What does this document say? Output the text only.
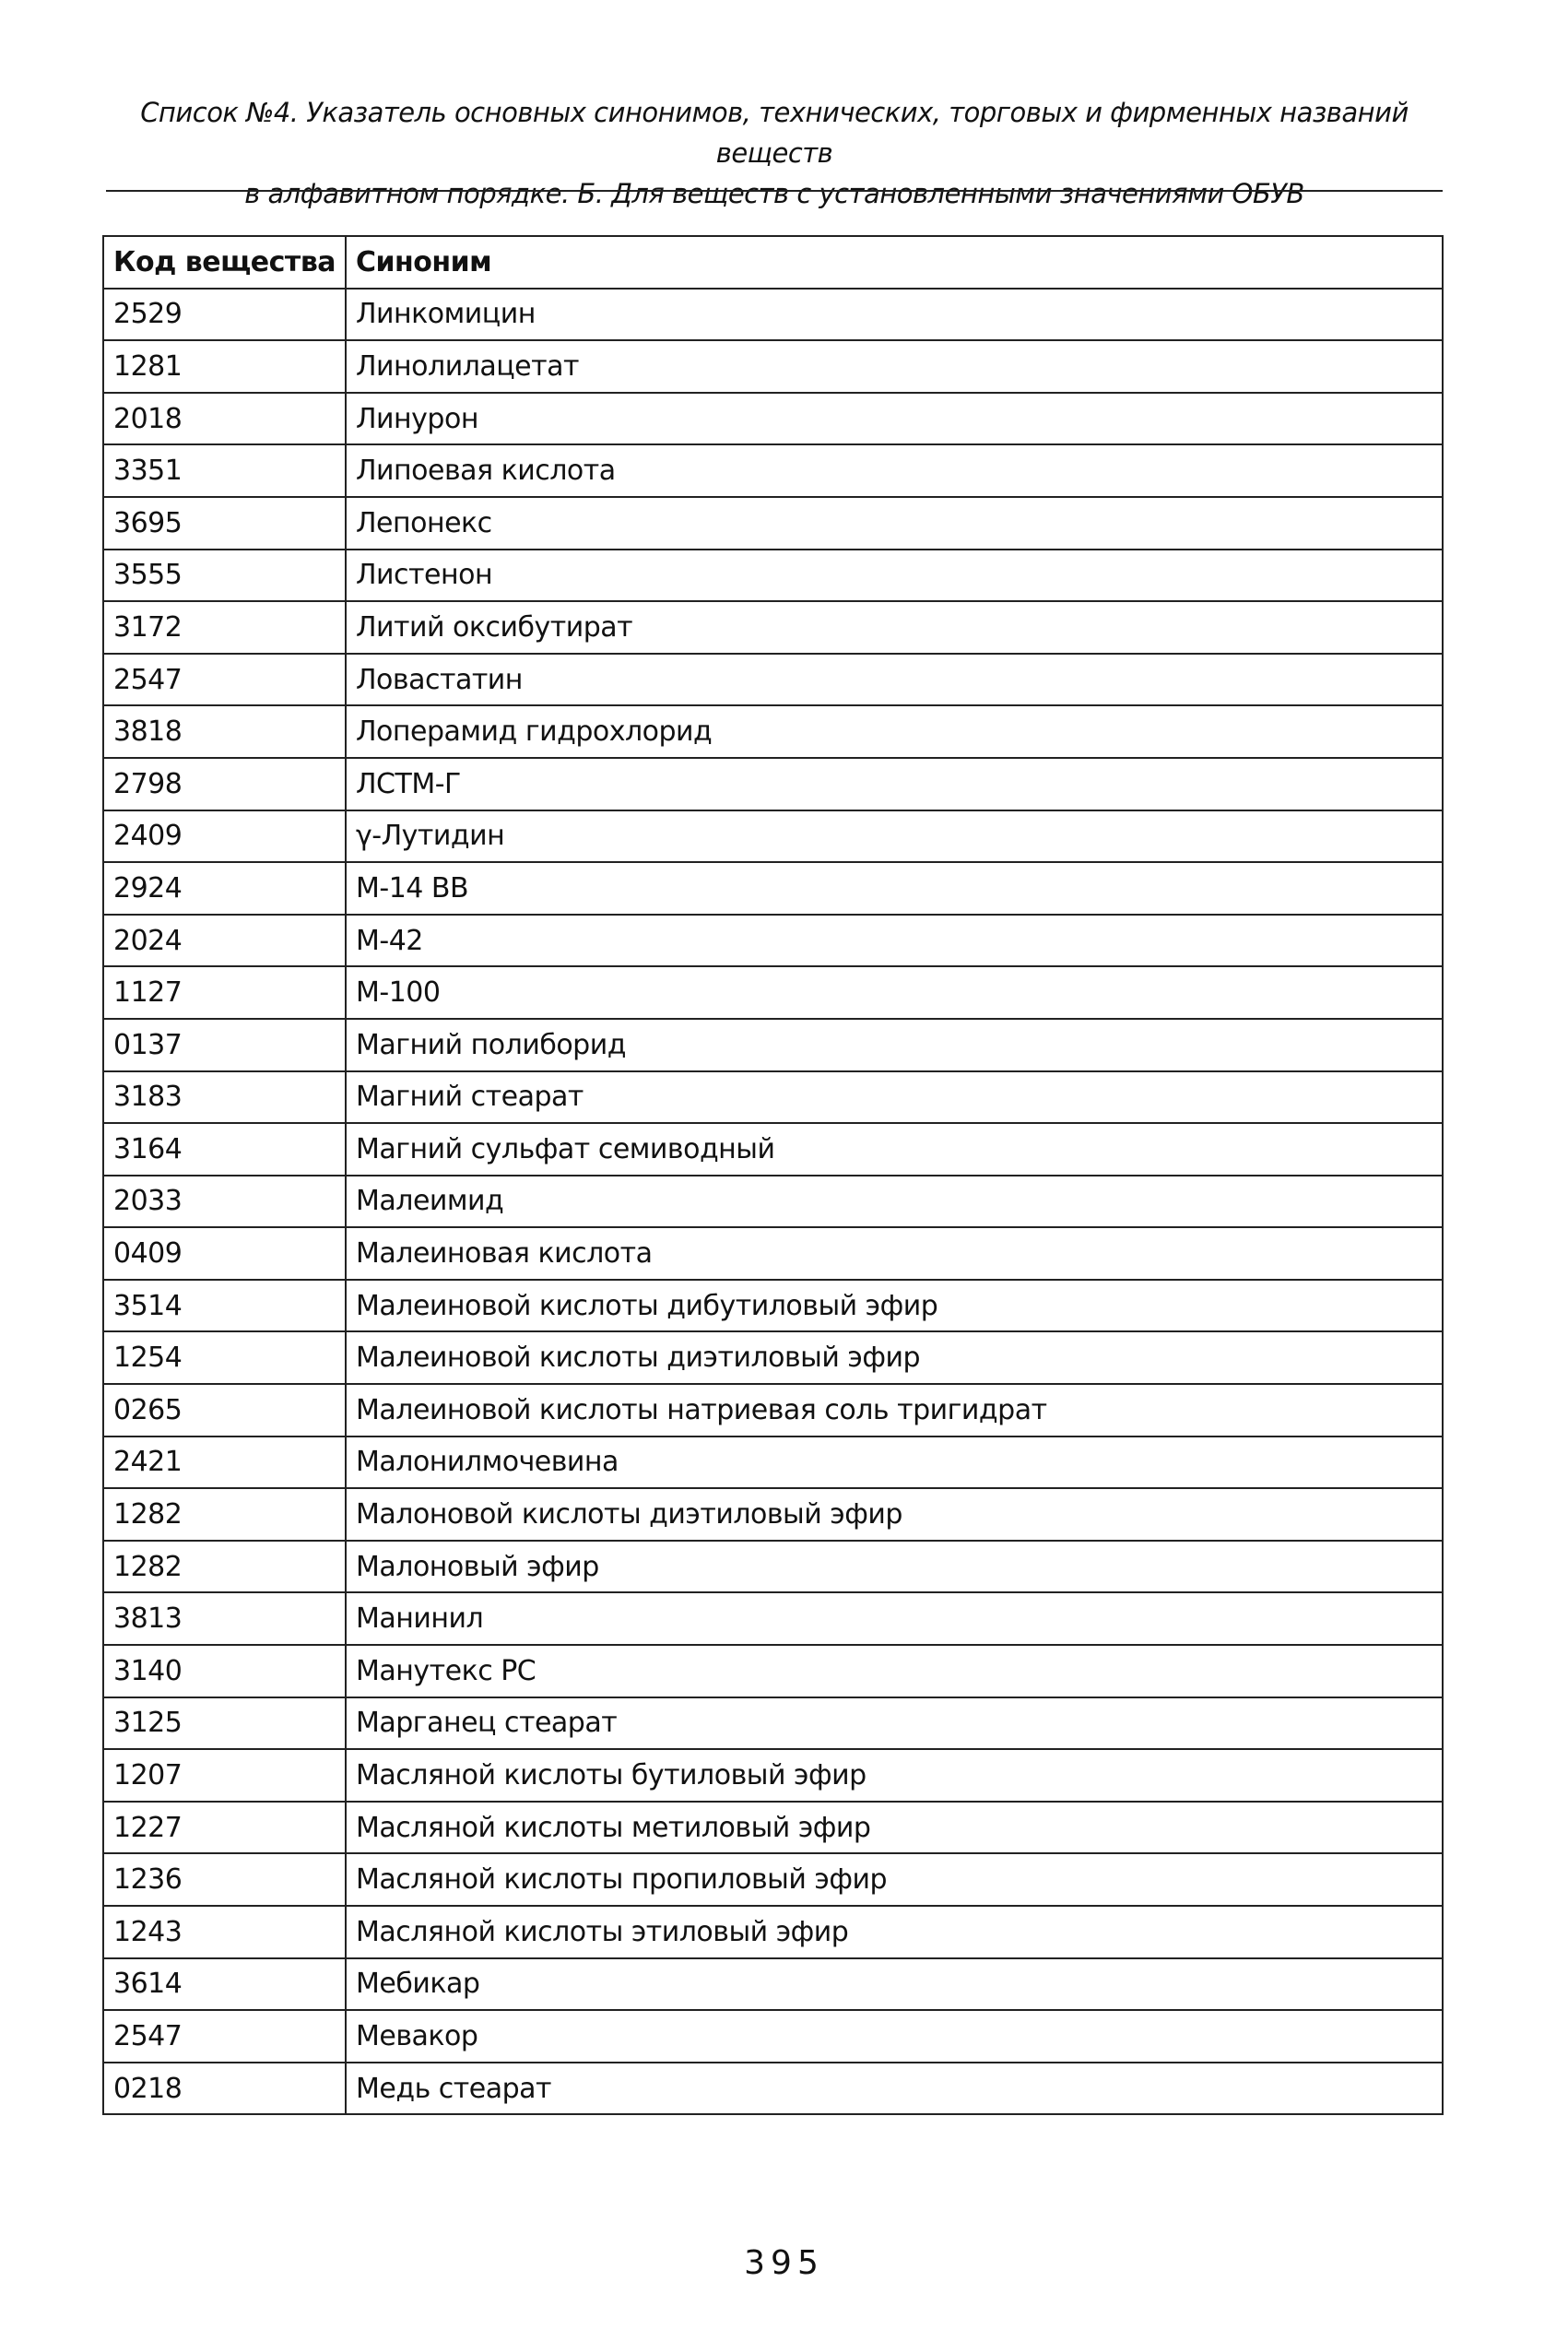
Список №4. Указатель основных синонимов, технических, торговых и фирменных названий веществ
в алфавитном порядке. Б. Для веществ с установленными значениями ОБУВ
Код вещества	Синоним
2529	Линкомицин
1281	Линолилацетат
2018	Линурон
3351	Липоевая кислота
3695	Лепонекс
3555	Листенон
3172	Литий оксибутират
2547	Ловастатин
3818	Лоперамид гидрохлорид
2798	ЛСТМ-Г
2409	γ-Лутидин
2924	М-14 ВВ
2024	М-42
1127	М-100
0137	Магний полиборид
3183	Магний стеарат
3164	Магний сульфат семиводный
2033	Малеимид
0409	Малеиновая кислота
3514	Малеиновой кислоты дибутиловый эфир
1254	Малеиновой кислоты диэтиловый эфир
0265	Малеиновой кислоты натриевая соль тригидрат
2421	Малонилмочевина
1282	Малоновой кислоты диэтиловый эфир
1282	Малоновый эфир
3813	Манинил
3140	Манутекс РС
3125	Марганец стеарат
1207	Масляной кислоты бутиловый эфир
1227	Масляной кислоты метиловый эфир
1236	Масляной кислоты пропиловый эфир
1243	Масляной кислоты этиловый эфир
3614	Мебикар
2547	Мевакор
0218	Медь стеарат
395
